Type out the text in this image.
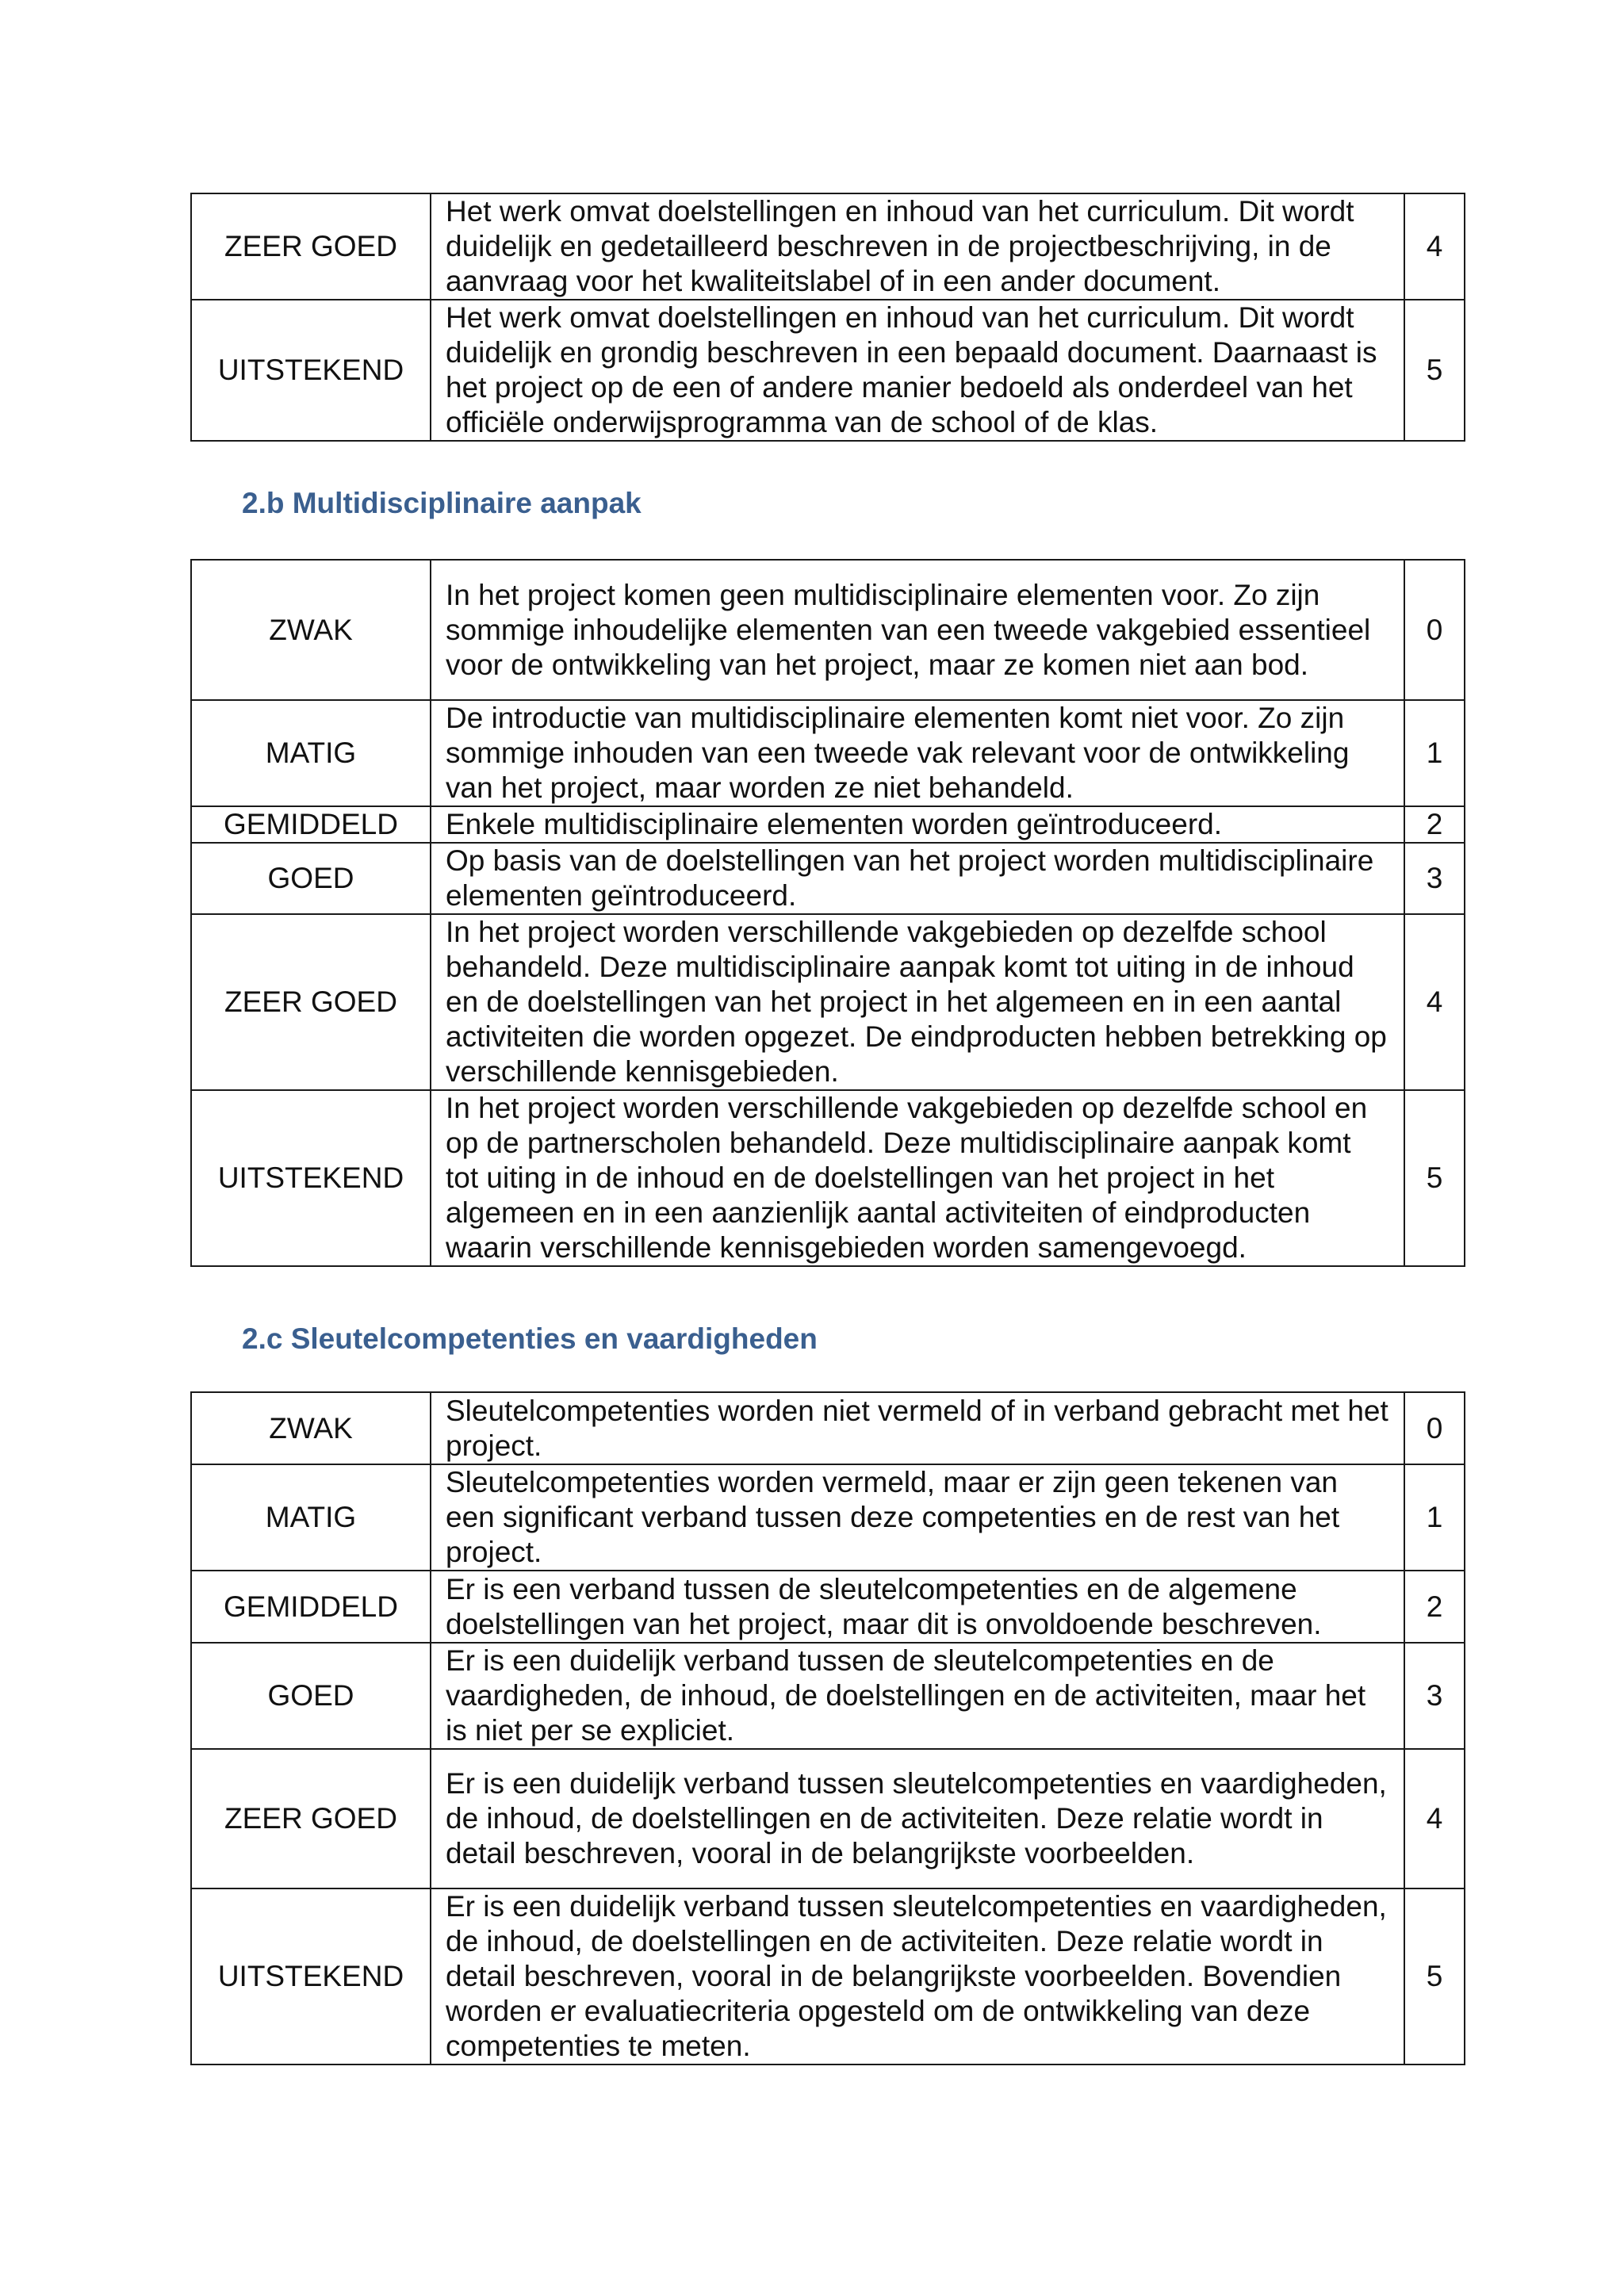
ZEER GOED	Het werk omvat doelstellingen en inhoud van het curriculum. Dit wordt duidelijk en gedetailleerd beschreven in de projectbeschrijving, in de aanvraag voor het kwaliteitslabel of in een ander document.	4
UITSTEKEND	Het werk omvat doelstellingen en inhoud van het curriculum. Dit wordt duidelijk en grondig beschreven in een bepaald document. Daarnaast is het project op de een of andere manier bedoeld als onderdeel van het officiële onderwijsprogramma van de school of de klas.	5
2.b Multidisciplinaire aanpak
ZWAK	In het project komen geen multidisciplinaire elementen voor. Zo zijn sommige inhoudelijke elementen van een tweede vakgebied essentieel voor de ontwikkeling van het project, maar ze komen niet aan bod.	0
MATIG	De introductie van multidisciplinaire elementen komt niet voor. Zo zijn sommige inhouden van een tweede vak relevant voor de ontwikkeling van het project, maar worden ze niet behandeld.	1
GEMIDDELD	Enkele multidisciplinaire elementen worden geïntroduceerd.	2
GOED	Op basis van de doelstellingen van het project worden multidisciplinaire elementen geïntroduceerd.	3
ZEER GOED	In het project worden verschillende vakgebieden op dezelfde school behandeld. Deze multidisciplinaire aanpak komt tot uiting in de inhoud en de doelstellingen van het project in het algemeen en in een aantal activiteiten die worden opgezet. De eindproducten hebben betrekking op verschillende kennisgebieden.	4
UITSTEKEND	In het project worden verschillende vakgebieden op dezelfde school en op de partnerscholen behandeld. Deze multidisciplinaire aanpak komt tot uiting in de inhoud en de doelstellingen van het project in het algemeen en in een aanzienlijk aantal activiteiten of eindproducten waarin verschillende kennisgebieden worden samengevoegd.	5
2.c Sleutelcompetenties en vaardigheden
ZWAK	Sleutelcompetenties worden niet vermeld of in verband gebracht met het project.	0
MATIG	Sleutelcompetenties worden vermeld, maar er zijn geen tekenen van een significant verband tussen deze competenties en de rest van het project.	1
GEMIDDELD	Er is een verband tussen de sleutelcompetenties en de algemene doelstellingen van het project, maar dit is onvoldoende beschreven.	2
GOED	Er is een duidelijk verband tussen de sleutelcompetenties en de vaardigheden, de inhoud, de doelstellingen en de activiteiten, maar het is niet per se expliciet.	3
ZEER GOED	Er is een duidelijk verband tussen sleutelcompetenties en vaardigheden, de inhoud, de doelstellingen en de activiteiten. Deze relatie wordt in detail beschreven, vooral in de belangrijkste voorbeelden.	4
UITSTEKEND	Er is een duidelijk verband tussen sleutelcompetenties en vaardigheden, de inhoud, de doelstellingen en de activiteiten. Deze relatie wordt in detail beschreven, vooral in de belangrijkste voorbeelden. Bovendien worden er evaluatiecriteria opgesteld om de ontwikkeling van deze competenties te meten.	5
